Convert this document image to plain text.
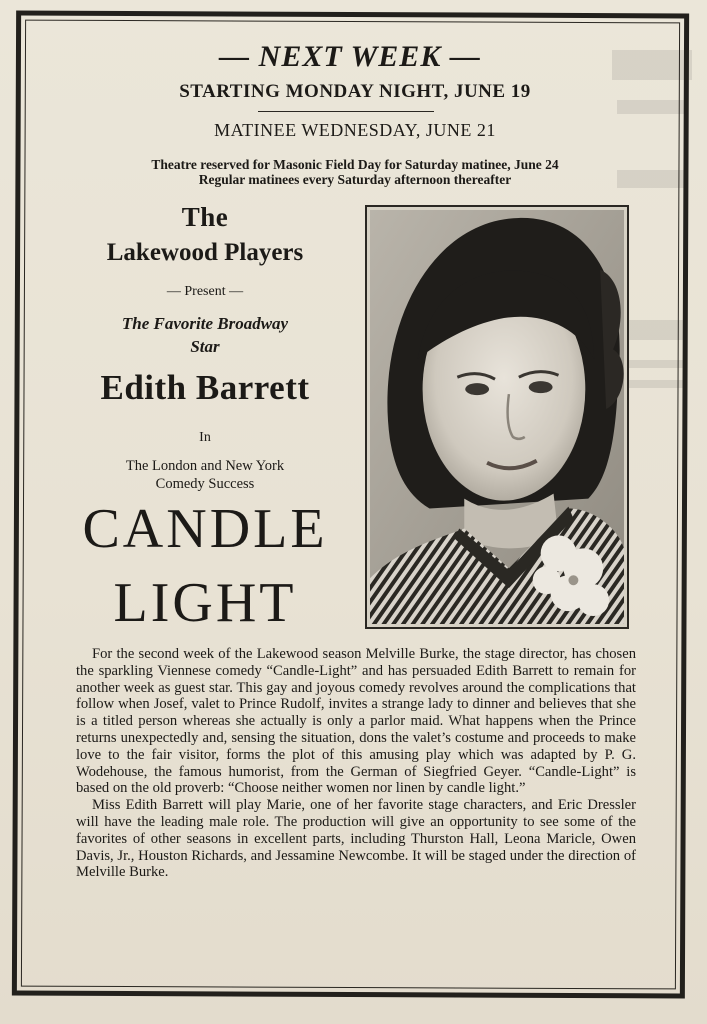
— NEXT WEEK —
STARTING MONDAY NIGHT, JUNE 19
MATINEE WEDNESDAY, JUNE 21
Theatre reserved for Masonic Field Day for Saturday matinee, June 24
Regular matinees every Saturday afternoon thereafter
The
Lakewood Players
— Present —
The Favorite Broadway
Star
Edith Barrett
In
The London and New York
Comedy Success
CANDLE
LIGHT

For the second week of the Lakewood season Melville Burke, the stage director, has chosen the sparkling Viennese comedy “Candle-Light” and has persuaded Edith Barrett to remain for another week as guest star. This gay and joyous comedy revolves around the complications that follow when Josef, valet to Prince Rudolf, invites a strange lady to dinner and believes that she is a titled person whereas she actually is only a parlor maid. What happens when the Prince returns unexpectedly and, sensing the situation, dons the valet’s costume and proceeds to make love to the fair visitor, forms the plot of this amusing play which was adapted by P. G. Wodehouse, the famous humorist, from the German of Siegfried Geyer. “Candle-Light” is based on the old proverb: “Choose neither women nor linen by candle light.”

Miss Edith Barrett will play Marie, one of her favorite stage characters, and Eric Dressler will have the leading male role. The production will give an opportunity to see some of the favorites of other seasons in excellent parts, including Thurston Hall, Leona Maricle, Owen Davis, Jr., Houston Richards, and Jessamine Newcombe. It will be staged under the direction of Melville Burke.
